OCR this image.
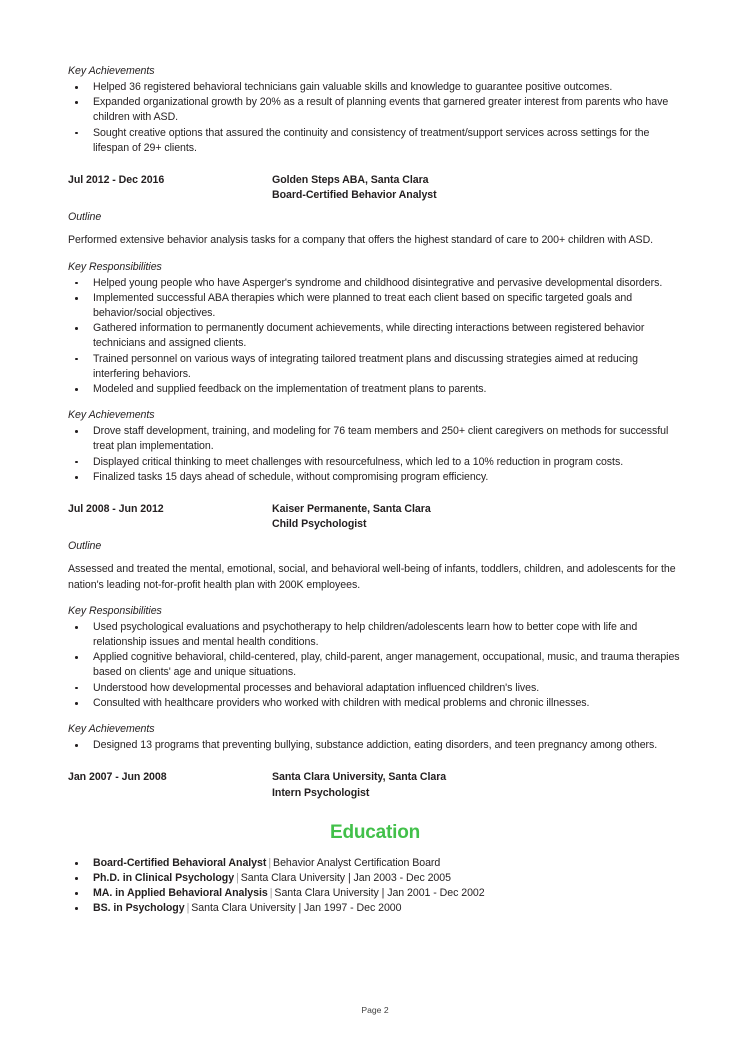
Key Achievements
Helped 36 registered behavioral technicians gain valuable skills and knowledge to guarantee positive outcomes.
Expanded organizational growth by 20% as a result of planning events that garnered greater interest from parents who have children with ASD.
Sought creative options that assured the continuity and consistency of treatment/support services across settings for the lifespan of 29+ clients.
Jul 2012 - Dec 2016	Golden Steps ABA, Santa Clara
Board-Certified Behavior Analyst
Outline

Performed extensive behavior analysis tasks for a company that offers the highest standard of care to 200+ children with ASD.

Key Responsibilities
Helped young people who have Asperger's syndrome and childhood disintegrative and pervasive developmental disorders.
Implemented successful ABA therapies which were planned to treat each client based on specific targeted goals and behavior/social objectives.
Gathered information to permanently document achievements, while directing interactions between registered behavior technicians and assigned clients.
Trained personnel on various ways of integrating tailored treatment plans and discussing strategies aimed at reducing interfering behaviors.
Modeled and supplied feedback on the implementation of treatment plans to parents.
Key Achievements
Drove staff development, training, and modeling for 76 team members and 250+ client caregivers on methods for successful treat plan implementation.
Displayed critical thinking to meet challenges with resourcefulness, which led to a 10% reduction in program costs.
Finalized tasks 15 days ahead of schedule, without compromising program efficiency.
Jul 2008 - Jun 2012	Kaiser Permanente, Santa Clara
Child Psychologist
Outline

Assessed and treated the mental, emotional, social, and behavioral well-being of infants, toddlers, children, and adolescents for the nation's leading not-for-profit health plan with 200K employees.

Key Responsibilities
Used psychological evaluations and psychotherapy to help children/adolescents learn how to better cope with life and relationship issues and mental health conditions.
Applied cognitive behavioral, child-centered, play, child-parent, anger management, occupational, music, and trauma therapies based on clients' age and unique situations.
Understood how developmental processes and behavioral adaptation influenced children's lives.
Consulted with healthcare providers who worked with children with medical problems and chronic illnesses.
Key Achievements
Designed 13 programs that preventing bullying, substance addiction, eating disorders, and teen pregnancy among others.
Jan 2007 - Jun 2008	Santa Clara University, Santa Clara
Intern Psychologist
Education
Board-Certified Behavioral Analyst | Behavior Analyst Certification Board
Ph.D. in Clinical Psychology | Santa Clara University | Jan 2003 - Dec 2005
MA. in Applied Behavioral Analysis | Santa Clara University | Jan 2001 - Dec 2002
BS. in Psychology | Santa Clara University | Jan 1997 - Dec 2000
Page 2
